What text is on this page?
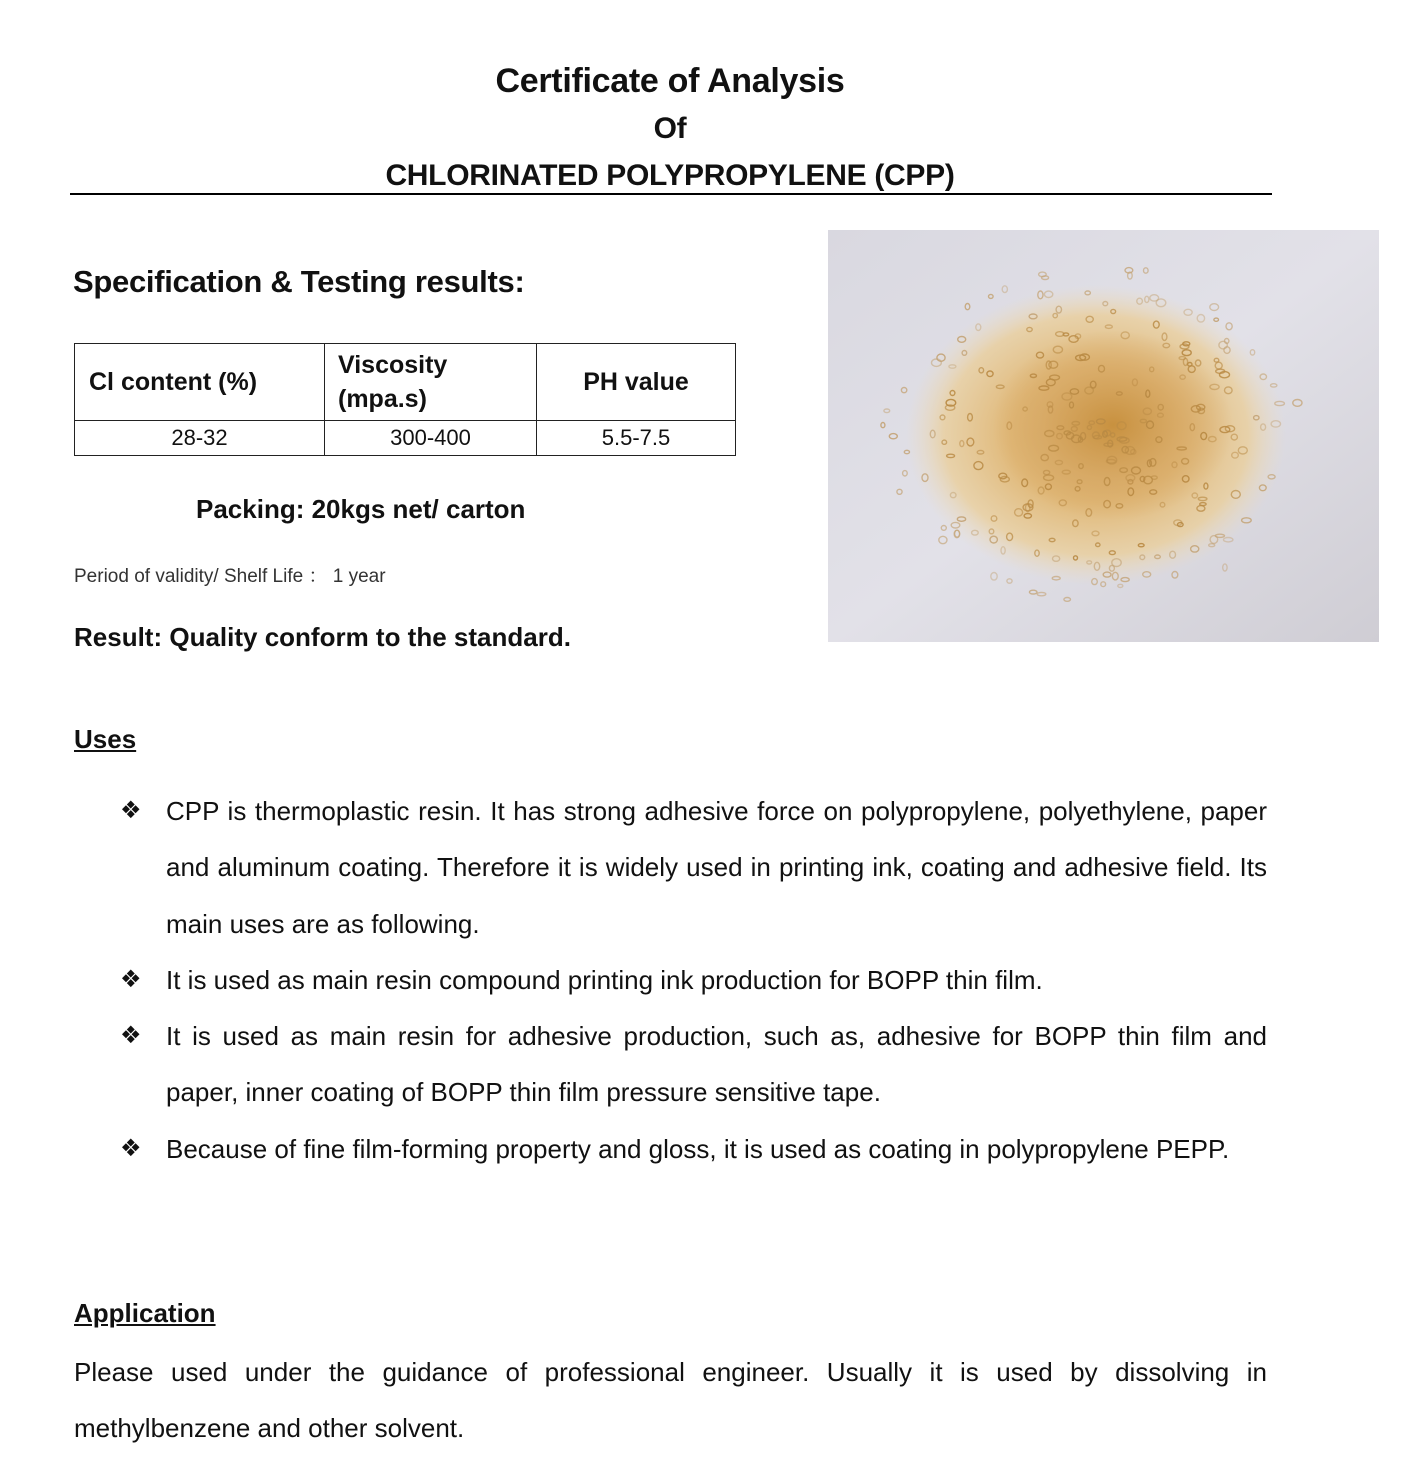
Certificate of Analysis
Of
CHLORINATED POLYPROPYLENE (CPP)
Specification & Testing results:
Cl content (%)	Viscosity (mpa.s)	PH value
28-32	300-400	5.5-7.5
Packing: 20kgs net/ carton
Period of validity/ Shelf Life ： 1 year
Result: Quality conform to the standard.
Uses
❖ CPP is thermoplastic resin. It has strong adhesive force on polypropylene, polyethylene, paper and aluminum coating. Therefore it is widely used in printing ink, coating and adhesive field. Its main uses are as following.
❖ It is used as main resin compound printing ink production for BOPP thin film.
❖ It is used as main resin for adhesive production, such as, adhesive for BOPP thin film and paper, inner coating of BOPP thin film pressure sensitive tape.
❖ Because of fine film-forming property and gloss, it is used as coating in polypropylene PEPP.
Application
Please used under the guidance of professional engineer. Usually it is used by dissolving in methylbenzene and other solvent.
